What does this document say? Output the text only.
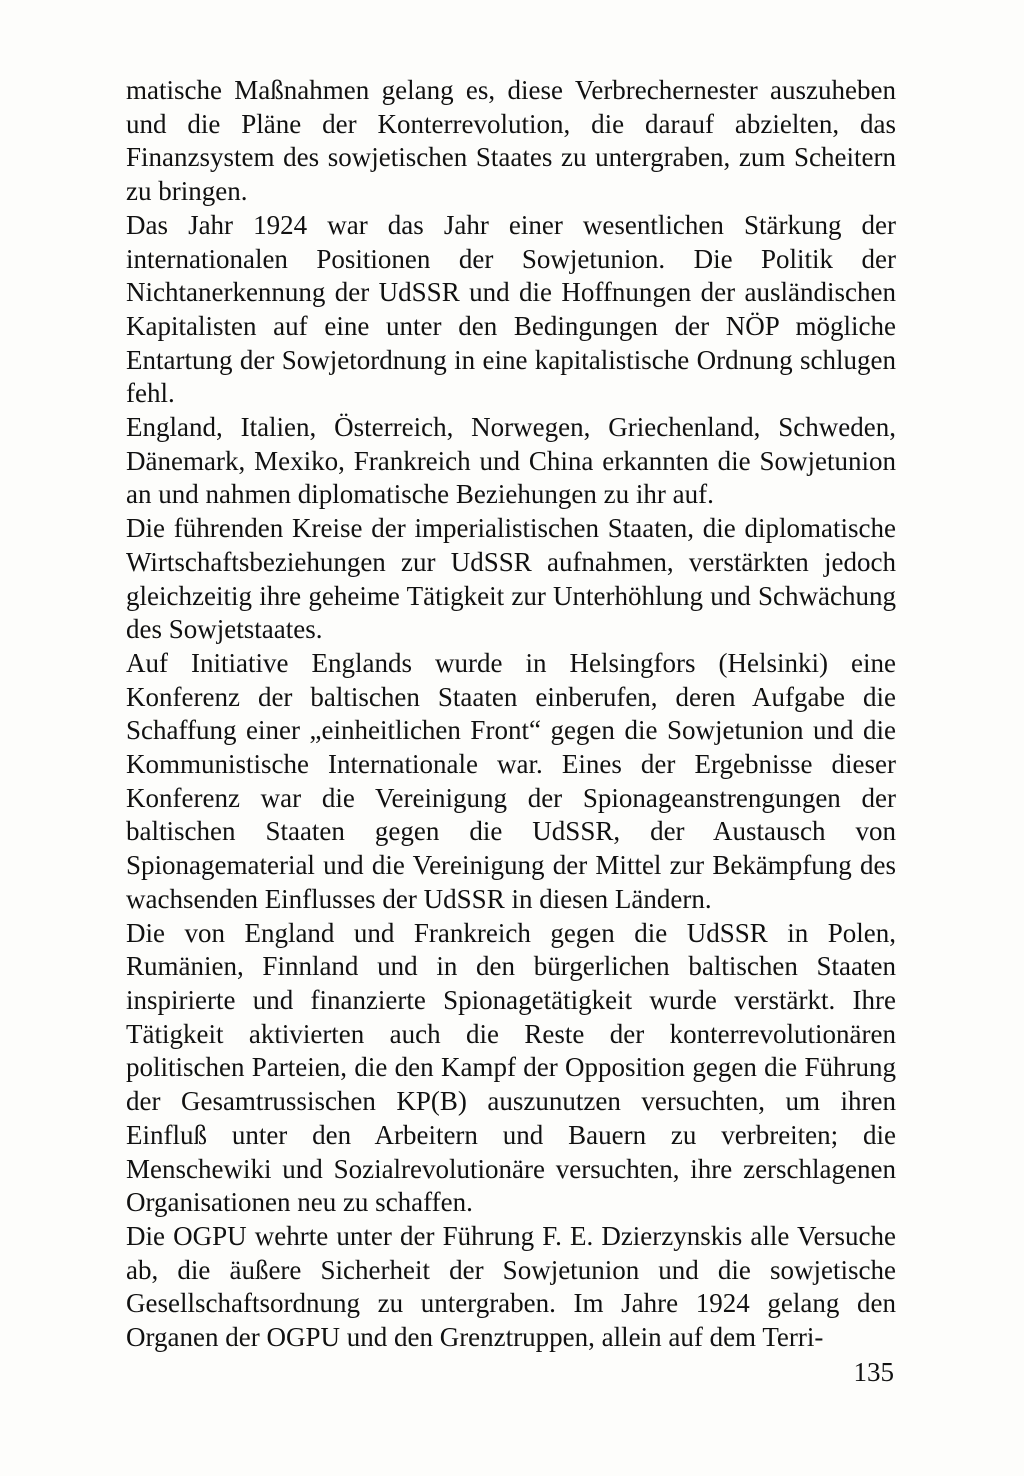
matische Maßnahmen gelang es, diese Verbrechernester auszuheben und die Pläne der Konterrevolution, die darauf abzielten, das Finanzsystem des sowjetischen Staates zu untergraben, zum Scheitern zu bringen.

Das Jahr 1924 war das Jahr einer wesentlichen Stärkung der internationalen Positionen der Sowjetunion. Die Politik der Nichtanerkennung der UdSSR und die Hoffnungen der ausländischen Kapitalisten auf eine unter den Bedingungen der NÖP mögliche Entartung der Sowjetordnung in eine kapitalistische Ordnung schlugen fehl.

England, Italien, Österreich, Norwegen, Griechenland, Schweden, Dänemark, Mexiko, Frankreich und China erkannten die Sowjetunion an und nahmen diplomatische Beziehungen zu ihr auf.

Die führenden Kreise der imperialistischen Staaten, die diplomatische Wirtschaftsbeziehungen zur UdSSR aufnahmen, verstärkten jedoch gleichzeitig ihre geheime Tätigkeit zur Unterhöhlung und Schwächung des Sowjetstaates.

Auf Initiative Englands wurde in Helsingfors (Helsinki) eine Konferenz der baltischen Staaten einberufen, deren Aufgabe die Schaffung einer „einheitlichen Front“ gegen die Sowjetunion und die Kommunistische Internationale war. Eines der Ergebnisse dieser Konferenz war die Vereinigung der Spionageanstrengungen der baltischen Staaten gegen die UdSSR, der Austausch von Spionagematerial und die Vereinigung der Mittel zur Bekämpfung des wachsenden Einflusses der UdSSR in diesen Ländern.

Die von England und Frankreich gegen die UdSSR in Polen, Rumänien, Finnland und in den bürgerlichen baltischen Staaten inspirierte und finanzierte Spionagetätigkeit wurde verstärkt. Ihre Tätigkeit aktivierten auch die Reste der konterrevolutionären politischen Parteien, die den Kampf der Opposition gegen die Führung der Gesamtrussischen KP(B) auszunutzen versuchten, um ihren Einfluß unter den Arbeitern und Bauern zu verbreiten; die Menschewiki und Sozialrevolutionäre versuchten, ihre zerschlagenen Organisationen neu zu schaffen.

Die OGPU wehrte unter der Führung F. E. Dzierzynskis alle Versuche ab, die äußere Sicherheit der Sowjetunion und die sowjetische Gesellschaftsordnung zu untergraben. Im Jahre 1924 gelang den Organen der OGPU und den Grenztruppen, allein auf dem Terri-

135
